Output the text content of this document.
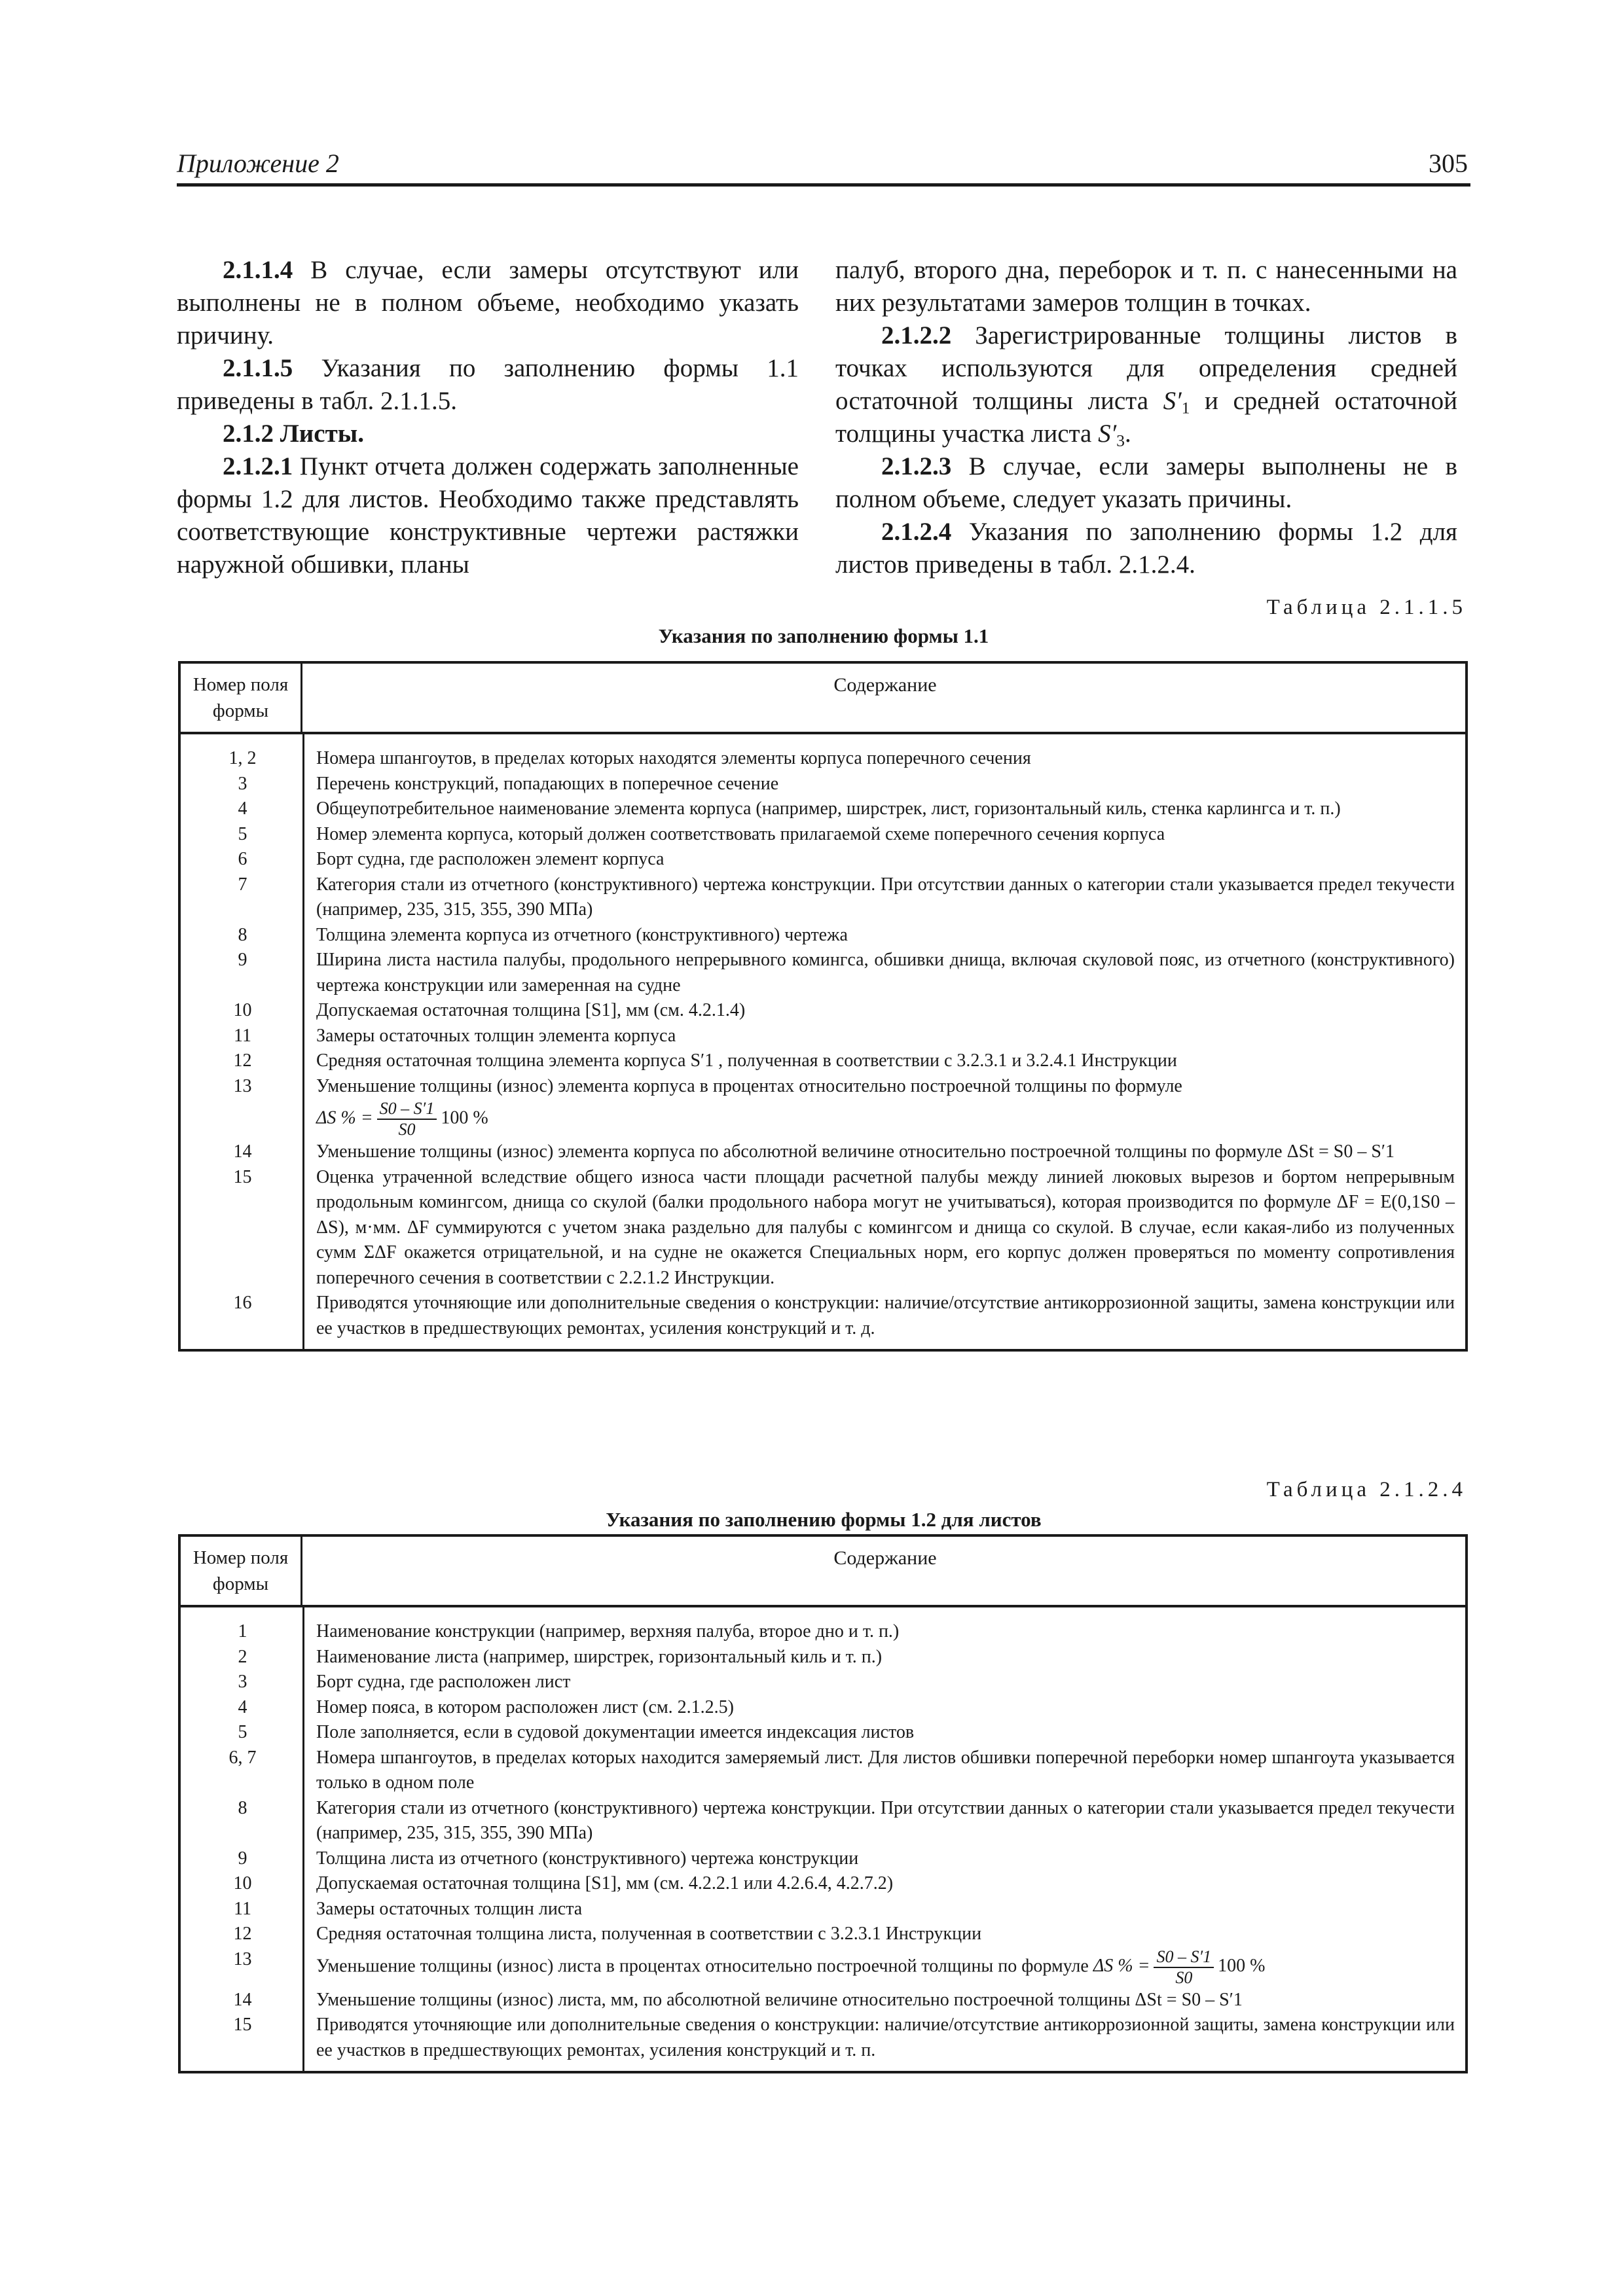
Приложение 2	305

2.1.1.4 В случае, если замеры отсутствуют или выполнены не в полном объеме, необходимо указать причину.

2.1.1.5 Указания по заполнению формы 1.1 приведены в табл. 2.1.1.5.

2.1.2 Листы.

2.1.2.1 Пункт отчета должен содержать заполненные формы 1.2 для листов. Необходимо также представлять соответствующие конструктивные чертежи растяжки наружной обшивки, планы

палуб, второго дна, переборок и т. п. с нанесенными на них результатами замеров толщин в точках.

2.1.2.2 Зарегистрированные толщины листов в точках используются для определения средней остаточной толщины листа $S'_1$ и средней остаточной толщины участка листа $S'_3$.

2.1.2.3 В случае, если замеры выполнены не в полном объеме, следует указать причины.

2.1.2.4 Указания по заполнению формы 1.2 для листов приведены в табл. 2.1.2.4.

Таблица 2.1.1.5
Указания по заполнению формы 1.1
Номер поля формы
Содержание
1, 2	Номера шпангоутов, в пределах которых находятся элементы корпуса поперечного сечения
3	Перечень конструкций, попадающих в поперечное сечение
4	Общеупотребительное наименование элемента корпуса (например, ширстрек, лист, горизонтальный киль, стенка карлингса и т. п.)
5	Номер элемента корпуса, который должен соответствовать прилагаемой схеме поперечного сечения корпуса
6	Борт судна, где расположен элемент корпуса
7	Категория стали из отчетного (конструктивного) чертежа конструкции. При отсутствии данных о категории стали указывается предел текучести (например, 235, 315, 355, 390 МПа)
8	Толщина элемента корпуса из отчетного (конструктивного) чертежа
9	Ширина листа настила палубы, продольного непрерывного комингса, обшивки днища, включая скуловой пояс, из отчетного (конструктивного) чертежа конструкции или замеренная на судне
10	Допускаемая остаточная толщина [S1], мм (см. 4.2.1.4)
11	Замеры остаточных толщин элемента корпуса
12	Средняя остаточная толщина элемента корпуса S′1 , полученная в соответствии с 3.2.3.1 и 3.2.4.1 Инструкции
13	Уменьшение толщины (износ) элемента корпуса в процентах относительно построечной толщины по формуле
ΔS % = $\frac{S0 - S'1}{S0} 100$ %
14	Уменьшение толщины (износ) элемента корпуса по абсолютной величине относительно построечной толщины по формуле ΔSt = S0 – S′1
15	Оценка утраченной вследствие общего износа части площади расчетной палубы между линией люковых вырезов и бортом непрерывным продольным комингсом, днища со скулой (балки продольного набора могут не учитываться), которая производится по формуле ΔF = E(0,1S0 – ΔS), м·мм. ΔF суммируются с учетом знака раздельно для палубы с комингсом и днища со скулой. В случае, если какая-либо из полученных сумм ΣΔF окажется отрицательной, и на судне не окажется Специальных норм, его корпус должен проверяться по моменту сопротивления поперечного сечения в соответствии с 2.2.1.2 Инструкции.
16	Приводятся уточняющие или дополнительные сведения о конструкции: наличие/отсутствие антикоррозионной защиты, замена конструкции или ее участков в предшествующих ремонтах, усиления конструкций и т. д.
Таблица 2.1.2.4
Указания по заполнению формы 1.2 для листов
Номер поля формы
Содержание
1	Наименование конструкции (например, верхняя палуба, второе дно и т. п.)
2	Наименование листа (например, ширстрек, горизонтальный киль и т. п.)
3	Борт судна, где расположен лист
4	Номер пояса, в котором расположен лист (см. 2.1.2.5)
5	Поле заполняется, если в судовой документации имеется индексация листов
6, 7	Номера шпангоутов, в пределах которых находится замеряемый лист. Для листов обшивки поперечной переборки номер шпангоута указывается только в одном поле
8	Категория стали из отчетного (конструктивного) чертежа конструкции. При отсутствии данных о категории стали указывается предел текучести (например, 235, 315, 355, 390 МПа)
9	Толщина листа из отчетного (конструктивного) чертежа конструкции
10	Допускаемая остаточная толщина [S1], мм (см. 4.2.2.1 или 4.2.6.4, 4.2.7.2)
11	Замеры остаточных толщин листа
12	Средняя остаточная толщина листа, полученная в соответствии с 3.2.3.1 Инструкции
13	Уменьшение толщины (износ) листа в процентах относительно построечной толщины по формуле ΔS % = $\frac{S0 - S'1}{S0} 100$ %
14	Уменьшение толщины (износ) листа, мм, по абсолютной величине относительно построечной толщины ΔSt = S0 – S′1
15	Приводятся уточняющие или дополнительные сведения о конструкции: наличие/отсутствие антикоррозионной защиты, замена конструкции или ее участков в предшествующих ремонтах, усиления конструкций и т. п.
